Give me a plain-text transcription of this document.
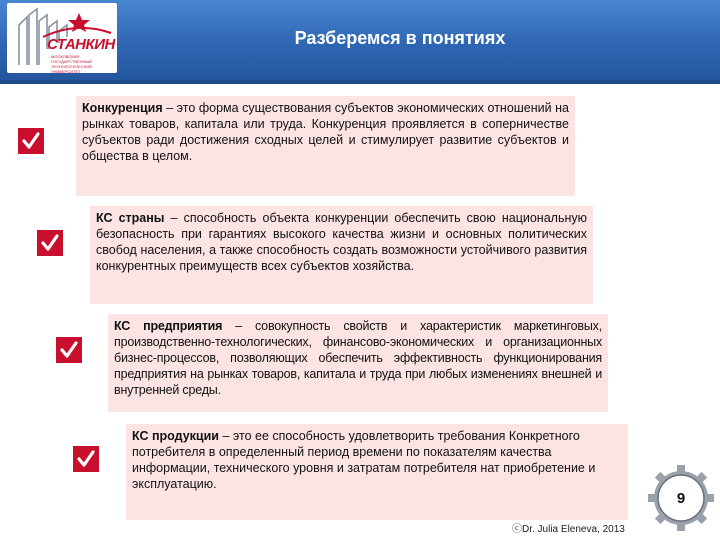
СТАНКИН
МОСКОВСКИЙ ГОСУДАРСТВЕННЫЙ ТЕХНОЛОГИЧЕСКИЙ УНИВЕРСИТЕТ
Разберемся в понятиях
Конкуренция – это форма существования субъектов экономических отношений на рынках товаров, капитала или труда. Конкуренция проявляется в соперничестве субъектов ради достижения сходных целей и стимулирует развитие субъектов и общества в целом.
КС страны – способность объекта конкуренции обеспечить свою национальную безопасность при гарантиях высокого качества жизни и основных политических свобод населения, а также способность создать возможности устойчивого развития конкурентных преимуществ всех субъектов хозяйства.
КС предприятия – совокупность свойств и характеристик маркетинговых, производственно-технологических, финансово-экономических и организационных бизнес-процессов, позволяющих обеспечить эффективность функционирования предприятия на рынках товаров, капитала и труда при любых изменениях внешней и внутренней среды.
КС продукции – это ее способность удовлетворить требования Конкретного потребителя в определенный период времени по показателям качества информации, технического уровня и затратам потребителя нат приобретение и эксплуатацию.
9
ⓒDr. Julia Eleneva, 2013
